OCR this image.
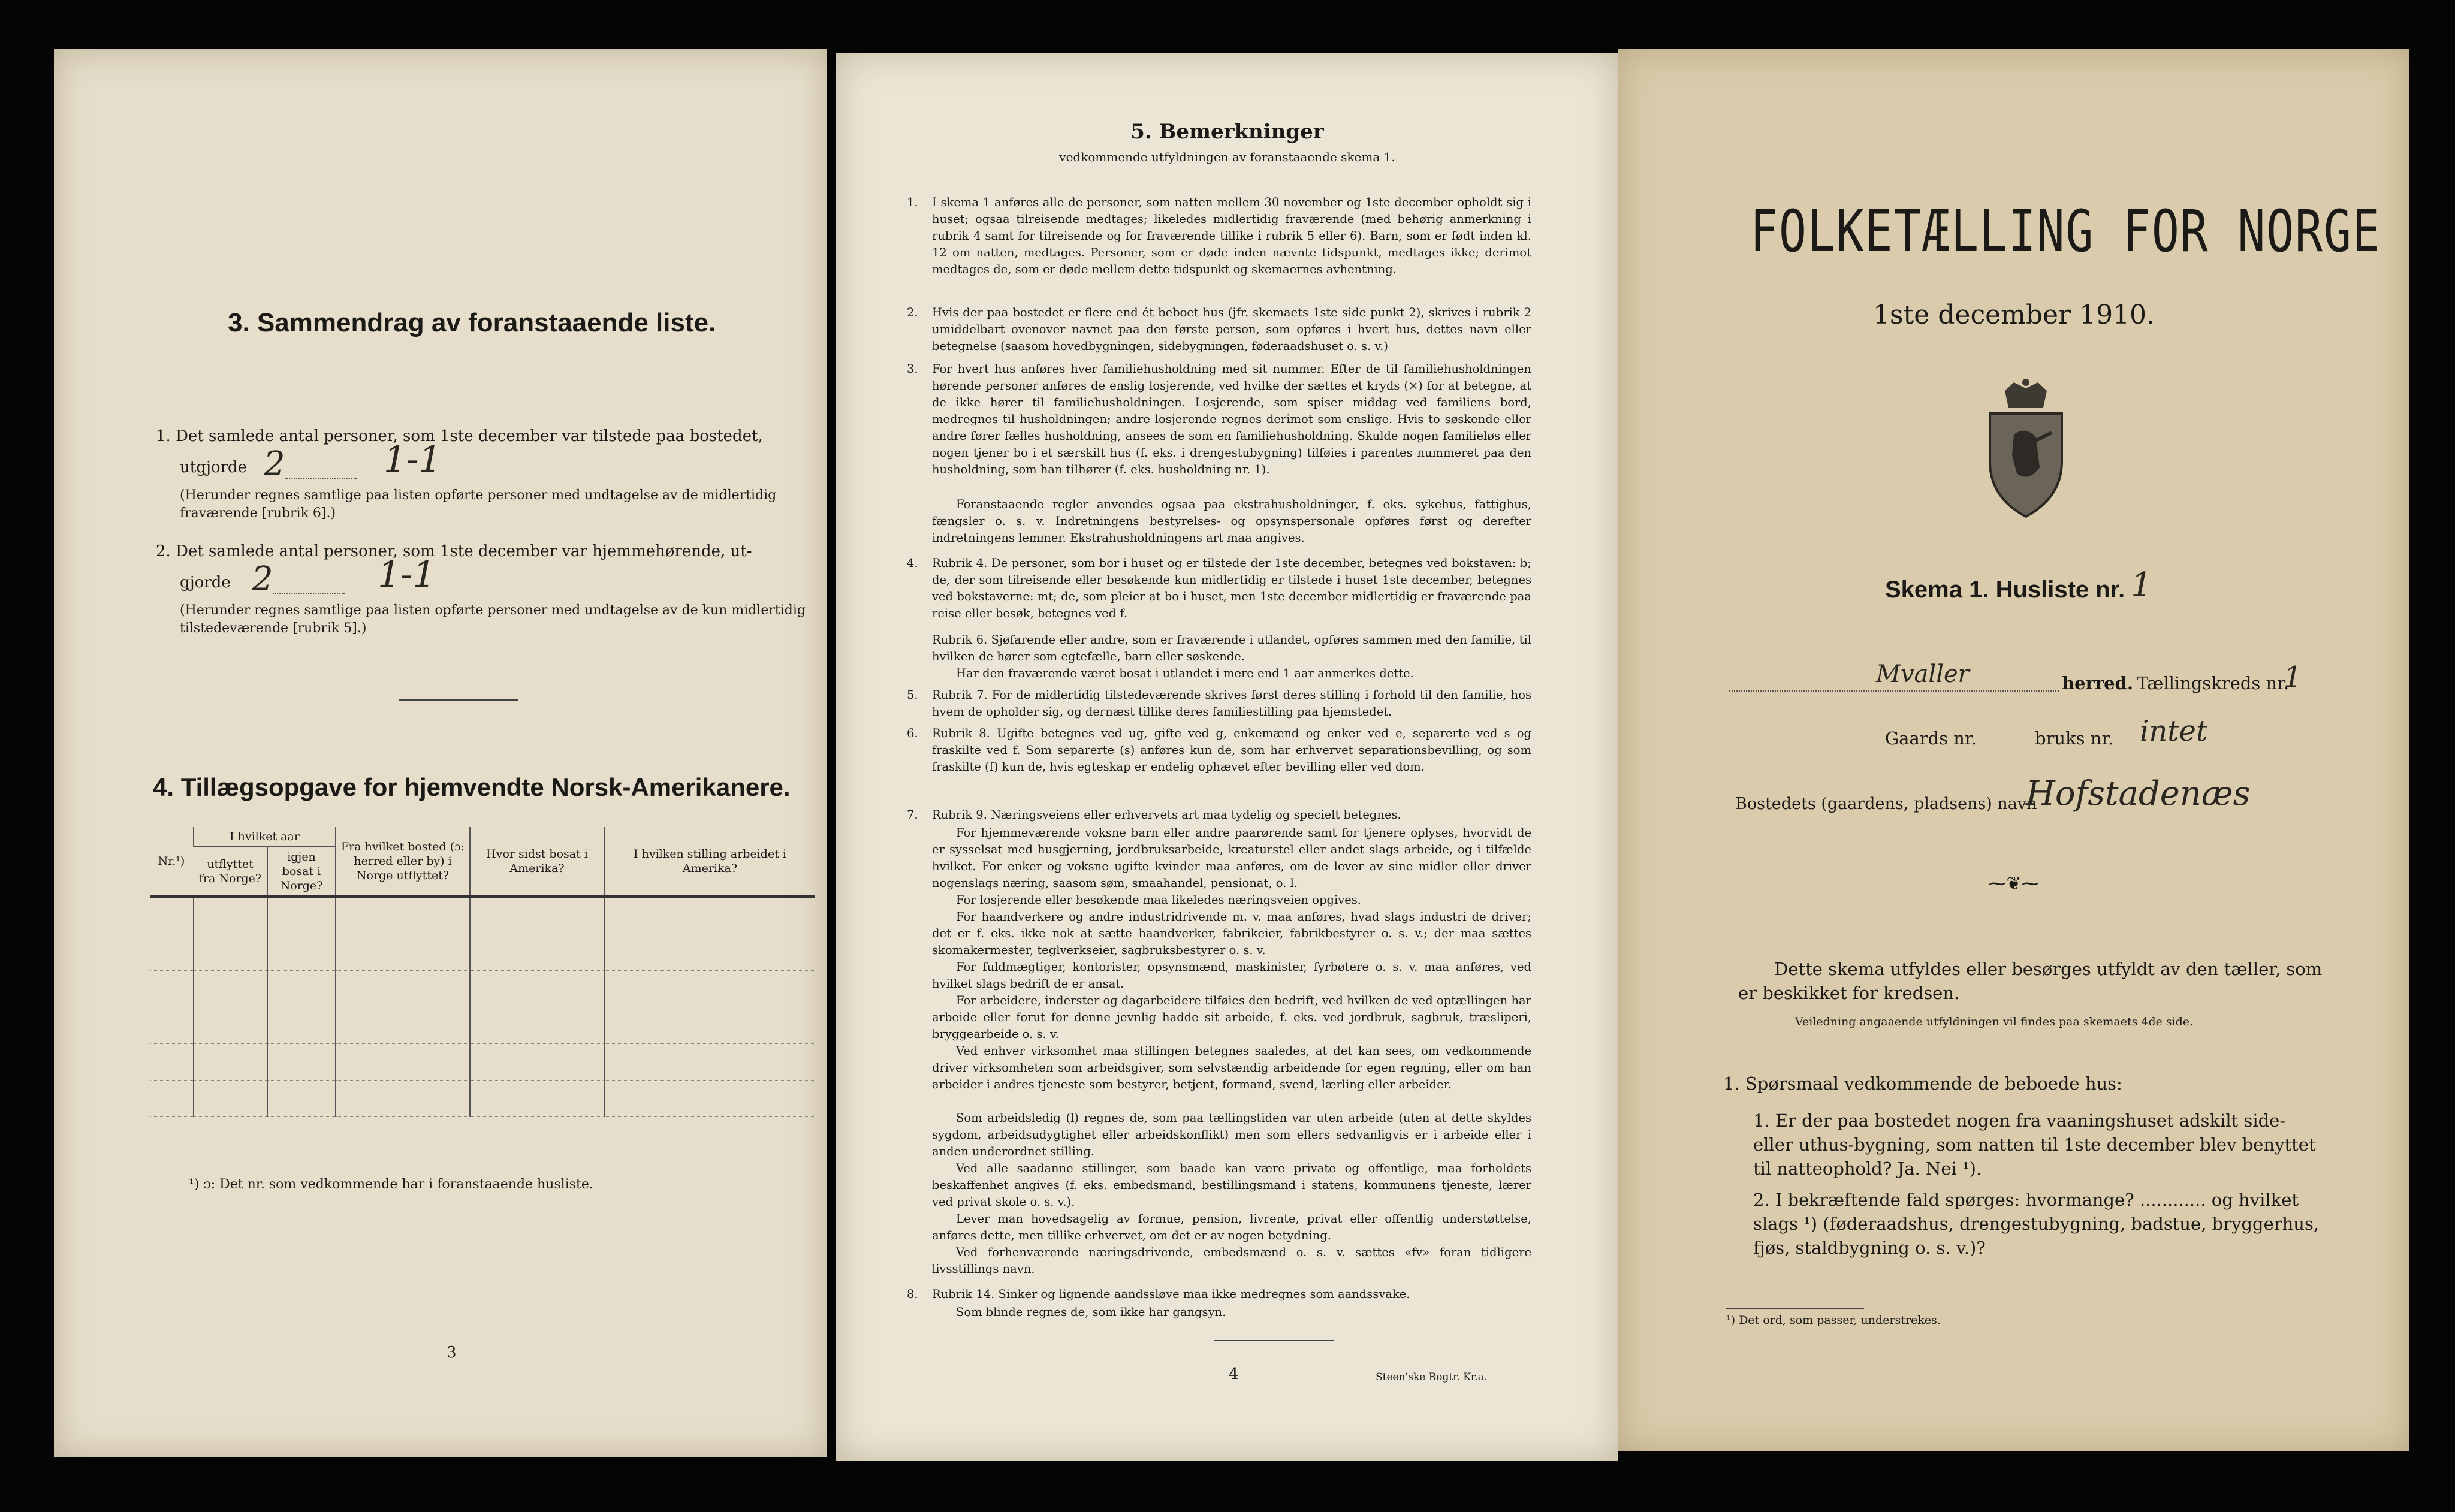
3. Sammendrag av foranstaaende liste.
1. Det samlede antal personer, som 1ste december var tilstede paa bostedet,
utgjorde 2	1-1
(Herunder regnes samtlige paa listen opførte personer med undtagelse av de midlertidig fraværende [rubrik 6].)
2. Det samlede antal personer, som 1ste december var hjemmehørende, ut-
gjorde 2	1-1
(Herunder regnes samtlige paa listen opførte personer med undtagelse av de kun midlertidig tilstedeværende [rubrik 5].)
4. Tillægsopgave for hjemvendte Norsk-Amerikanere.
Nr.¹)	I hvilket aar		Fra hvilket bosted (ɔ: herred eller by) i Norge utflyttet?	Hvor sidst bosat i Amerika?	I hvilken stilling arbeidet i Amerika?
	utflyttet fra Norge?	igjen bosat i Norge?			

¹) ɔ: Det nr. som vedkommende har i foranstaaende husliste.
3
5. Bemerkninger
vedkommende utfyldningen av foranstaaende skema 1.
1. I skema 1 anføres alle de personer, som natten mellem 30 november og 1ste december opholdt sig i huset; ogsaa tilreisende medtages; likeledes midlertidig fraværende (med behørig anmerkning i rubrik 4 samt for tilreisende og for fraværende tillike i rubrik 5 eller 6). Barn, som er født inden kl. 12 om natten, medtages. Personer, som er døde inden nævnte tidspunkt, medtages ikke; derimot medtages de, som er døde mellem dette tidspunkt og skemaernes avhentning.
2. Hvis der paa bostedet er flere end ét beboet hus (jfr. skemaets 1ste side punkt 2), skrives i rubrik 2 umiddelbart ovenover navnet paa den første person, som opføres i hvert hus, dettes navn eller betegnelse (saasom hovedbygningen, sidebygningen, føderaadshuset o. s. v.)
3. For hvert hus anføres hver familiehusholdning med sit nummer. Efter de til familiehusholdningen hørende personer anføres de enslig losjerende, ved hvilke der sættes et kryds (×) for at betegne, at de ikke hører til familiehusholdningen. Losjerende, som spiser middag ved familiens bord, medregnes til husholdningen; andre losjerende regnes derimot som enslige. Hvis to søskende eller andre fører fælles husholdning, ansees de som en familiehusholdning. Skulde nogen familieløs eller nogen tjener bo i et særskilt hus (f. eks. i drengestubygning) tilføies i parentes nummeret paa den husholdning, som han tilhører (f. eks. husholdning nr. 1).
Foranstaaende regler anvendes ogsaa paa ekstrahusholdninger, f. eks. sykehus, fattighus, fængsler o. s. v. Indretningens bestyrelses- og opsynspersonale opføres først og derefter indretningens lemmer. Ekstrahusholdningens art maa angives.
4. Rubrik 4. De personer, som bor i huset og er tilstede der 1ste december, betegnes ved bokstaven: b; de, der som tilreisende eller besøkende kun midlertidig er tilstede i huset 1ste december, betegnes ved bokstaverne: mt; de, som pleier at bo i huset, men 1ste december midlertidig er fraværende paa reise eller besøk, betegnes ved f.
Rubrik 6. Sjøfarende eller andre, som er fraværende i utlandet, opføres sammen med den familie, til hvilken de hører som egtefælle, barn eller søskende.
Har den fraværende været bosat i utlandet i mere end 1 aar anmerkes dette.
5. Rubrik 7. For de midlertidig tilstedeværende skrives først deres stilling i forhold til den familie, hos hvem de opholder sig, og dernæst tillike deres familiestilling paa hjemstedet.
6. Rubrik 8. Ugifte betegnes ved ug, gifte ved g, enkemænd og enker ved e, separerte ved s og fraskilte ved f. Som separerte (s) anføres kun de, som har erhvervet separationsbevilling, og som fraskilte (f) kun de, hvis egteskap er endelig ophævet efter bevilling eller ved dom.
7. Rubrik 9. Næringsveiens eller erhvervets art maa tydelig og specielt betegnes.
For hjemmeværende voksne barn eller andre paarørende samt for tjenere oplyses, hvorvidt de er sysselsat med husgjerning, jordbruksarbeide, kreaturstel eller andet slags arbeide, og i tilfælde hvilket. For enker og voksne ugifte kvinder maa anføres, om de lever av sine midler eller driver nogenslags næring, saasom søm, smaahandel, pensionat, o. l.
For losjerende eller besøkende maa likeledes næringsveien opgives.
For haandverkere og andre industridrivende m. v. maa anføres, hvad slags industri de driver; det er f. eks. ikke nok at sætte haandverker, fabrikeier, fabrikbestyrer o. s. v.; der maa sættes skomakermester, teglverkseier, sagbruksbestyrer o. s. v.
For fuldmægtiger, kontorister, opsynsmænd, maskinister, fyrbøtere o. s. v. maa anføres, ved hvilket slags bedrift de er ansat.
For arbeidere, inderster og dagarbeidere tilføies den bedrift, ved hvilken de ved optællingen har arbeide eller forut for denne jevnlig hadde sit arbeide, f. eks. ved jordbruk, sagbruk, træsliperi, bryggearbeide o. s. v.
Ved enhver virksomhet maa stillingen betegnes saaledes, at det kan sees, om vedkommende driver virksomheten som arbeidsgiver, som selvstændig arbeidende for egen regning, eller om han arbeider i andres tjeneste som bestyrer, betjent, formand, svend, lærling eller arbeider.
Som arbeidsledig (l) regnes de, som paa tællingstiden var uten arbeide (uten at dette skyldes sygdom, arbeidsudygtighet eller arbeidskonflikt) men som ellers sedvanligvis er i arbeide eller i anden underordnet stilling.
Ved alle saadanne stillinger, som baade kan være private og offentlige, maa forholdets beskaffenhet angives (f. eks. embedsmand, bestillingsmand i statens, kommunens tjeneste, lærer ved privat skole o. s. v.).
Lever man hovedsagelig av formue, pension, livrente, privat eller offentlig understøttelse, anføres dette, men tillike erhvervet, om det er av nogen betydning.
Ved forhenværende næringsdrivende, embedsmænd o. s. v. sættes «fv» foran tidligere livsstillings navn.
8. Rubrik 14. Sinker og lignende aandssløve maa ikke medregnes som aandssvake.
Som blinde regnes de, som ikke har gangsyn.
4	Steen'ske Bogtr. Kr.a.
FOLKETÆLLING FOR NORGE
1ste december 1910.
Skema 1. Husliste nr. 1
Mvaller	herred. Tællingskreds nr.
1
Gaards nr.	bruks nr. intet
Bostedets (gaardens, pladsens) navn
Hofstadenæs
⁓❦⁓
Dette skema utfyldes eller besørges utfyldt av den tæller, som er beskikket for kredsen.
Veiledning angaaende utfyldningen vil findes paa skemaets 4de side.
1. Spørsmaal vedkommende de beboede hus:
1. Er der paa bostedet nogen fra vaaningshuset adskilt side- eller uthus-bygning, som natten til 1ste december blev benyttet til natteophold? Ja. Nei ¹).
2. I bekræftende fald spørges: hvormange? ............ og hvilket slags ¹) (føderaadshus, drengestubygning, badstue, bryggerhus, fjøs, staldbygning o. s. v.)?
¹) Det ord, som passer, understrekes.
